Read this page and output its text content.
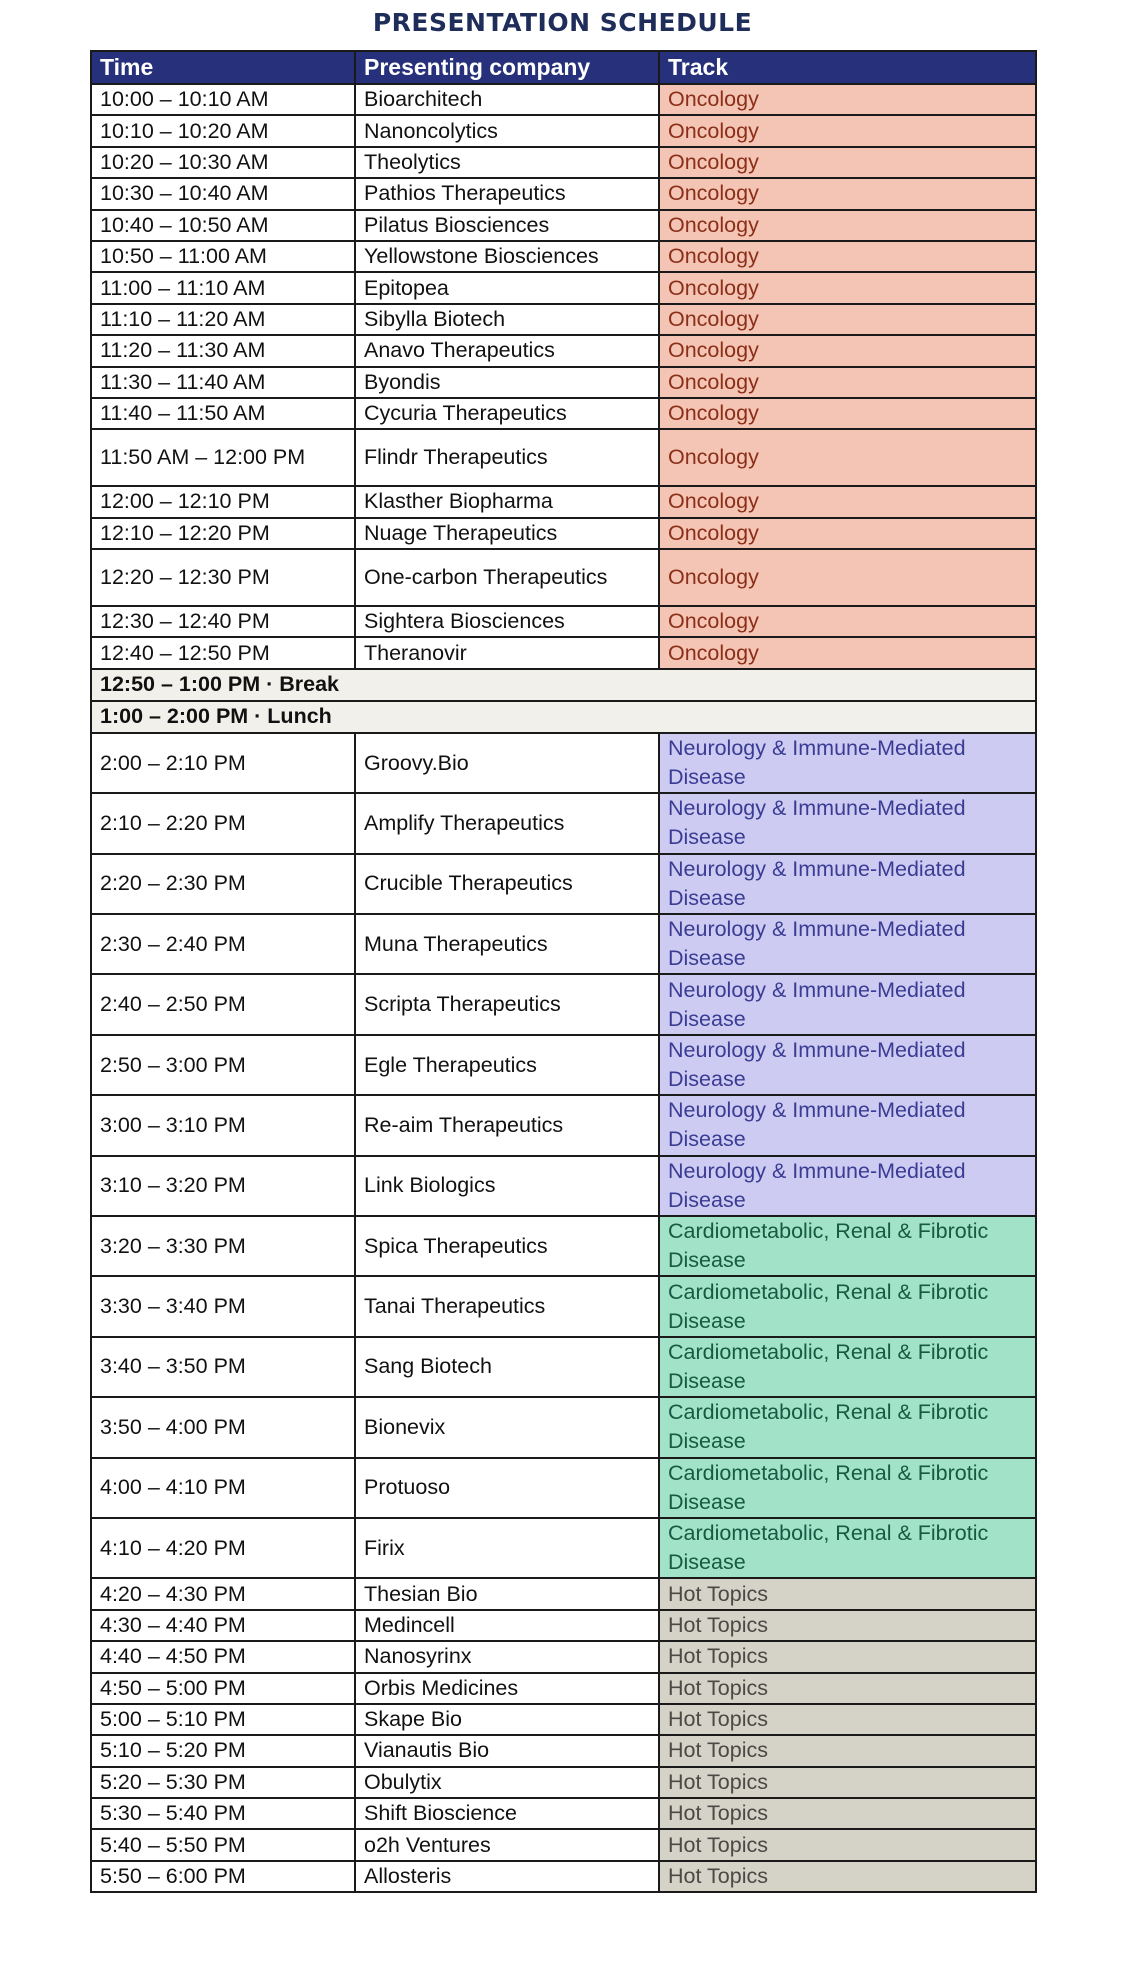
PRESENTATION SCHEDULE
Time	Presenting company	Track
10:00 – 10:10 AM	Bioarchitech	Oncology
10:10 – 10:20 AM	Nanoncolytics	Oncology
10:20 – 10:30 AM	Theolytics	Oncology
10:30 – 10:40 AM	Pathios Therapeutics	Oncology
10:40 – 10:50 AM	Pilatus Biosciences	Oncology
10:50 – 11:00 AM	Yellowstone Biosciences	Oncology
11:00 – 11:10 AM	Epitopea	Oncology
11:10 – 11:20 AM	Sibylla Biotech	Oncology
11:20 – 11:30 AM	Anavo Therapeutics	Oncology
11:30 – 11:40 AM	Byondis	Oncology
11:40 – 11:50 AM	Cycuria Therapeutics	Oncology
11:50 AM – 12:00 PM	Flindr Therapeutics	Oncology
12:00 – 12:10 PM	Klasther Biopharma	Oncology
12:10 – 12:20 PM	Nuage Therapeutics	Oncology
12:20 – 12:30 PM	One-carbon Therapeutics	Oncology
12:30 – 12:40 PM	Sightera Biosciences	Oncology
12:40 – 12:50 PM	Theranovir	Oncology
12:50 – 1:00 PM · Break		
1:00 – 2:00 PM · Lunch		
2:00 – 2:10 PM	Groovy.Bio	Neurology & Immune-Mediated Disease
2:10 – 2:20 PM	Amplify Therapeutics	Neurology & Immune-Mediated Disease
2:20 – 2:30 PM	Crucible Therapeutics	Neurology & Immune-Mediated Disease
2:30 – 2:40 PM	Muna Therapeutics	Neurology & Immune-Mediated Disease
2:40 – 2:50 PM	Scripta Therapeutics	Neurology & Immune-Mediated Disease
2:50 – 3:00 PM	Egle Therapeutics	Neurology & Immune-Mediated Disease
3:00 – 3:10 PM	Re-aim Therapeutics	Neurology & Immune-Mediated Disease
3:10 – 3:20 PM	Link Biologics	Neurology & Immune-Mediated Disease
3:20 – 3:30 PM	Spica Therapeutics	Cardiometabolic, Renal & Fibrotic Disease
3:30 – 3:40 PM	Tanai Therapeutics	Cardiometabolic, Renal & Fibrotic Disease
3:40 – 3:50 PM	Sang Biotech	Cardiometabolic, Renal & Fibrotic Disease
3:50 – 4:00 PM	Bionevix	Cardiometabolic, Renal & Fibrotic Disease
4:00 – 4:10 PM	Protuoso	Cardiometabolic, Renal & Fibrotic Disease
4:10 – 4:20 PM	Firix	Cardiometabolic, Renal & Fibrotic Disease
4:20 – 4:30 PM	Thesian Bio	Hot Topics
4:30 – 4:40 PM	Medincell	Hot Topics
4:40 – 4:50 PM	Nanosyrinx	Hot Topics
4:50 – 5:00 PM	Orbis Medicines	Hot Topics
5:00 – 5:10 PM	Skape Bio	Hot Topics
5:10 – 5:20 PM	Vianautis Bio	Hot Topics
5:20 – 5:30 PM	Obulytix	Hot Topics
5:30 – 5:40 PM	Shift Bioscience	Hot Topics
5:40 – 5:50 PM	o2h Ventures	Hot Topics
5:50 – 6:00 PM	Allosteris	Hot Topics
